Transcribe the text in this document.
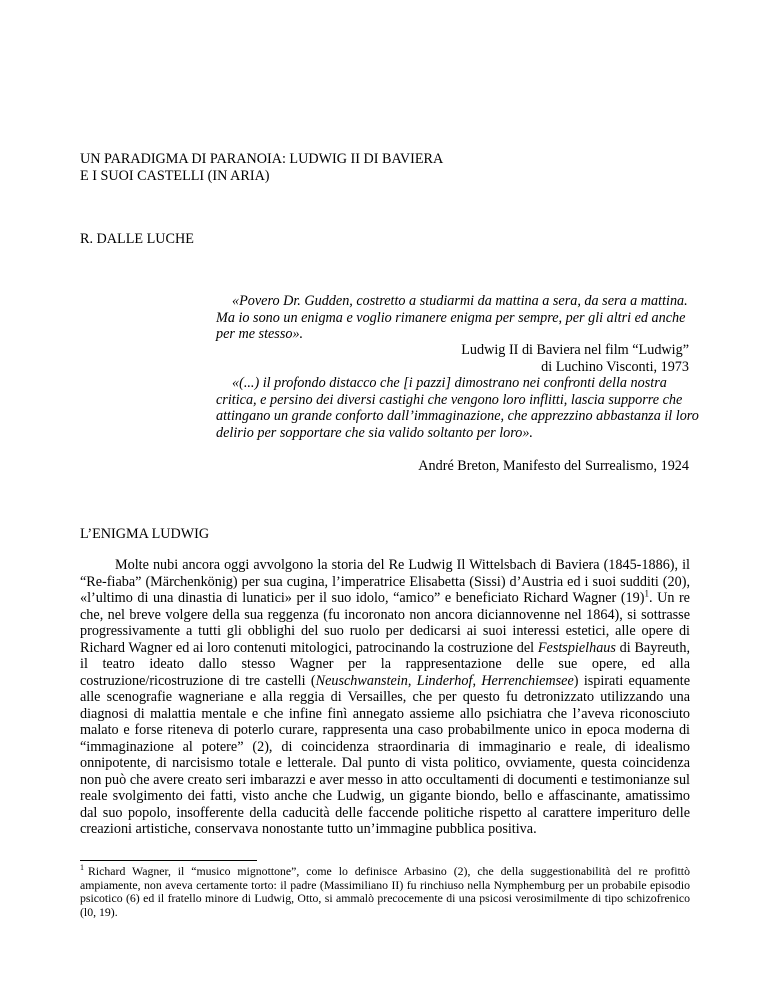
UN PARADIGMA DI PARANOIA: LUDWIG II DI BAVIERA
E I SUOI CASTELLI (IN ARIA)
R. DALLE LUCHE

«Povero Dr. Gudden, costretto a studiarmi da mattina a sera, da sera a mattina. Ma io sono un enigma e voglio rimanere enigma per sempre, per gli altri ed anche per me stesso».

Ludwig II di Baviera nel film “Ludwig”
di Luchino Visconti, 1973

«(...) il profondo distacco che [i pazzi] dimostrano nei confronti della nostra critica, e persino dei diversi castighi che vengono loro inflitti, lascia supporre che attingano un grande conforto dall’immaginazione, che apprezzino abbastanza il loro delirio per sopportare che sia valido soltanto per loro».

André Breton, Manifesto del Surrealismo, 1924
L’ENIGMA LUDWIG

Molte nubi ancora oggi avvolgono la storia del Re Ludwig Il Wittelsbach di Baviera (1845-1886), il “Re-fiaba” (Märchenkönig) per sua cugina, l’imperatrice Elisabetta (Sissi) d’Austria ed i suoi sudditi (20), «l’ultimo di una dinastia di lunatici» per il suo idolo, “amico” e beneficiato Richard Wagner $(19)^1$. Un re che, nel breve volgere della sua reggenza (fu incoronato non ancora diciannovenne nel 1864), si sottrasse progressivamente a tutti gli obblighi del suo ruolo per dedicarsi ai suoi interessi estetici, alle opere di Richard Wagner ed ai loro contenuti mitologici, patrocinando la costruzione del Festspielhaus di Bayreuth, il teatro ideato dallo stesso Wagner per la rappresentazione delle sue opere, ed alla costruzione/ricostruzione di tre castelli (Neuschwanstein, Linderhof, Herrenchiemsee) ispirati equamente alle scenografie wagneriane e alla reggia di Versailles, che per questo fu detronizzato utilizzando una diagnosi di malattia mentale e che infine finì annegato assieme allo psichiatra che l’aveva riconosciuto malato e forse riteneva di poterlo curare, rappresenta una caso probabilmente unico in epoca moderna di “immaginazione al potere” (2), di coincidenza straordinaria di immaginario e reale, di idealismo onnipotente, di narcisismo totale e letterale. Dal punto di vista politico, ovviamente, questa coincidenza non può che avere creato seri imbarazzi e aver messo in atto occultamenti di documenti e testimonianze sul reale svolgimento dei fatti, visto anche che Ludwig, un gigante biondo, bello e affascinante, amatissimo dal suo popolo, insofferente della caducità delle faccende politiche rispetto al carattere imperituro delle creazioni artistiche, conservava nonostante tutto un’immagine pubblica positiva.

$^1$ Richard Wagner, il “musico mignottone”, come lo definisce Arbasino (2), che della suggestionabilità del re profittò ampiamente, non aveva certamente torto: il padre (Massimiliano II) fu rinchiuso nella Nymphemburg per un probabile episodio psicotico (6) ed il fratello minore di Ludwig, Otto, si ammalò precocemente di una psicosi verosimilmente di tipo schizofrenico (l0, 19).
